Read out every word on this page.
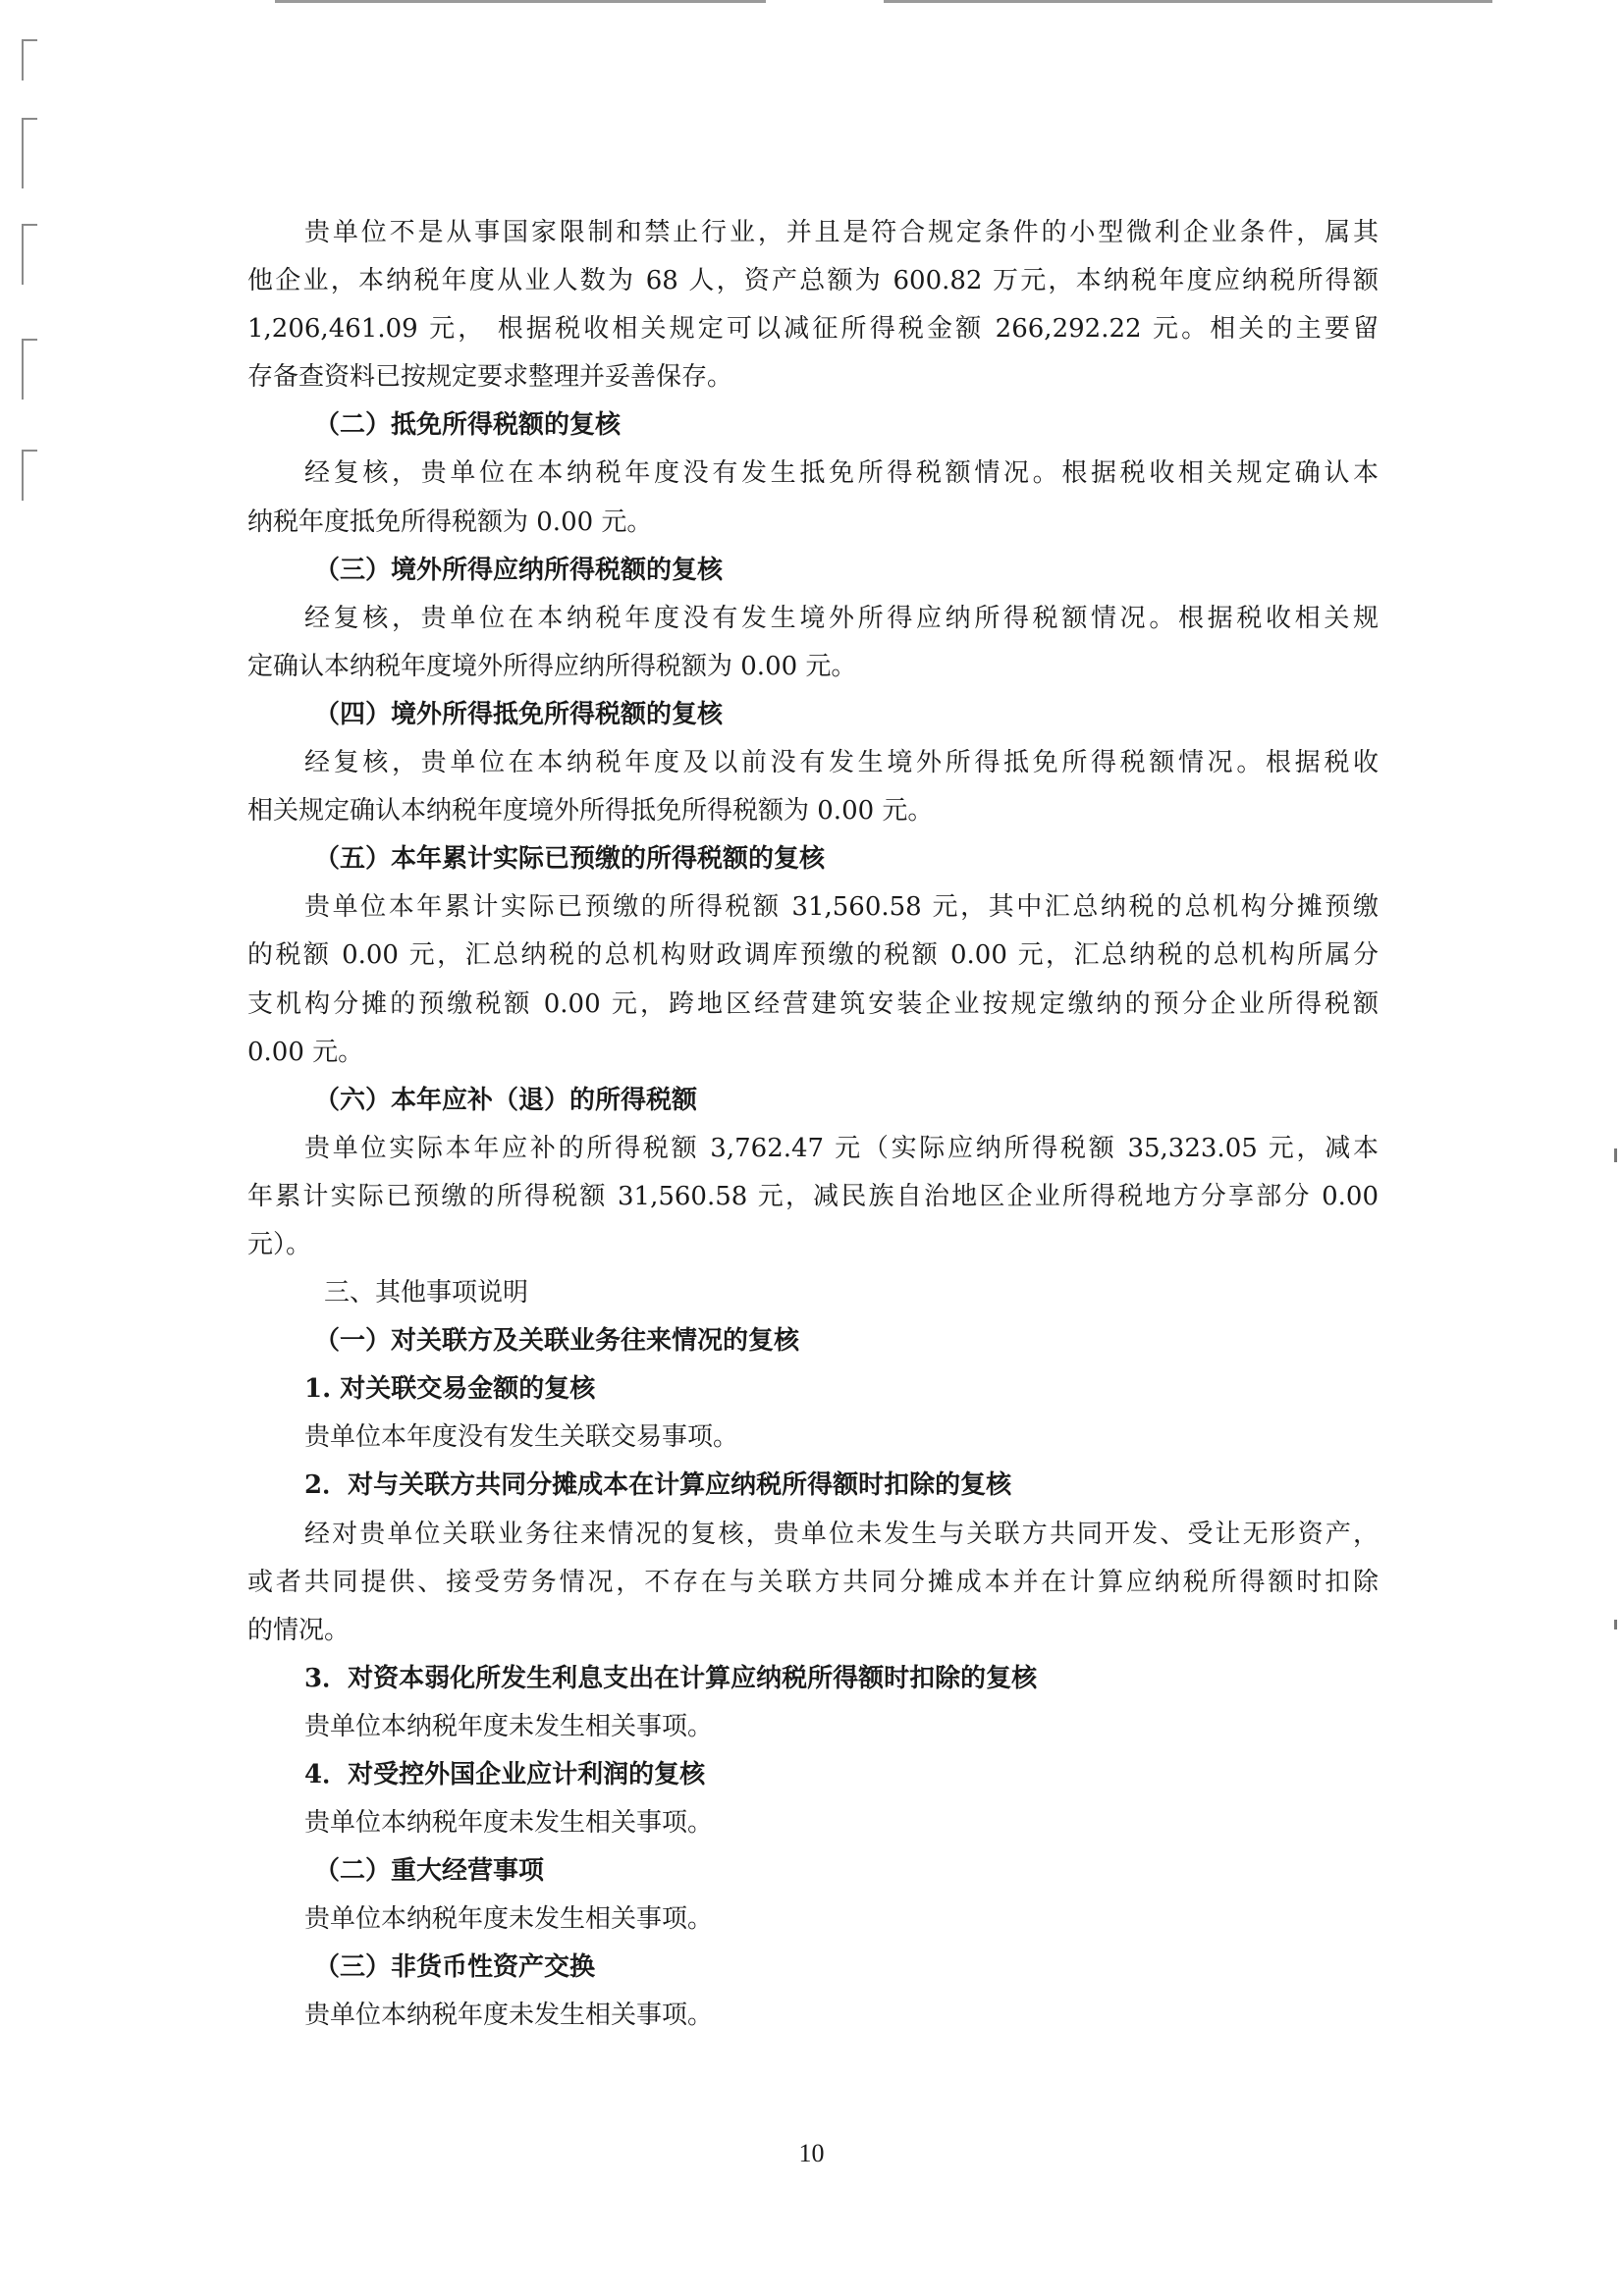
贵单位不是从事国家限制和禁止行业，并且是符合规定条件的小型微利企业条件，属其
他企业，本纳税年度从业人数为 68 人，资产总额为 600.82 万元，本纳税年度应纳税所得额
1,206,461.09 元， 根据税收相关规定可以减征所得税金额 266,292.22 元。相关的主要留
存备查资料已按规定要求整理并妥善保存。
（二）抵免所得税额的复核
经复核，贵单位在本纳税年度没有发生抵免所得税额情况。根据税收相关规定确认本
纳税年度抵免所得税额为 0.00 元。
（三）境外所得应纳所得税额的复核
经复核，贵单位在本纳税年度没有发生境外所得应纳所得税额情况。根据税收相关规
定确认本纳税年度境外所得应纳所得税额为 0.00 元。
（四）境外所得抵免所得税额的复核
经复核，贵单位在本纳税年度及以前没有发生境外所得抵免所得税额情况。根据税收
相关规定确认本纳税年度境外所得抵免所得税额为 0.00 元。
（五）本年累计实际已预缴的所得税额的复核
贵单位本年累计实际已预缴的所得税额 31,560.58 元，其中汇总纳税的总机构分摊预缴
的税额 0.00 元，汇总纳税的总机构财政调库预缴的税额 0.00 元，汇总纳税的总机构所属分
支机构分摊的预缴税额 0.00 元，跨地区经营建筑安装企业按规定缴纳的预分企业所得税额
0.00 元。
（六）本年应补（退）的所得税额
贵单位实际本年应补的所得税额 3,762.47 元（实际应纳所得税额 35,323.05 元，减本
年累计实际已预缴的所得税额 31,560.58 元，减民族自治地区企业所得税地方分享部分 0.00
元）。
三、其他事项说明
（一）对关联方及关联业务往来情况的复核
1. 对关联交易金额的复核
贵单位本年度没有发生关联交易事项。
2．对与关联方共同分摊成本在计算应纳税所得额时扣除的复核
经对贵单位关联业务往来情况的复核，贵单位未发生与关联方共同开发、受让无形资产，
或者共同提供、接受劳务情况，不存在与关联方共同分摊成本并在计算应纳税所得额时扣除
的情况。
3．对资本弱化所发生利息支出在计算应纳税所得额时扣除的复核
贵单位本纳税年度未发生相关事项。
4．对受控外国企业应计利润的复核
贵单位本纳税年度未发生相关事项。
（二）重大经营事项
贵单位本纳税年度未发生相关事项。
（三）非货币性资产交换
贵单位本纳税年度未发生相关事项。
10
